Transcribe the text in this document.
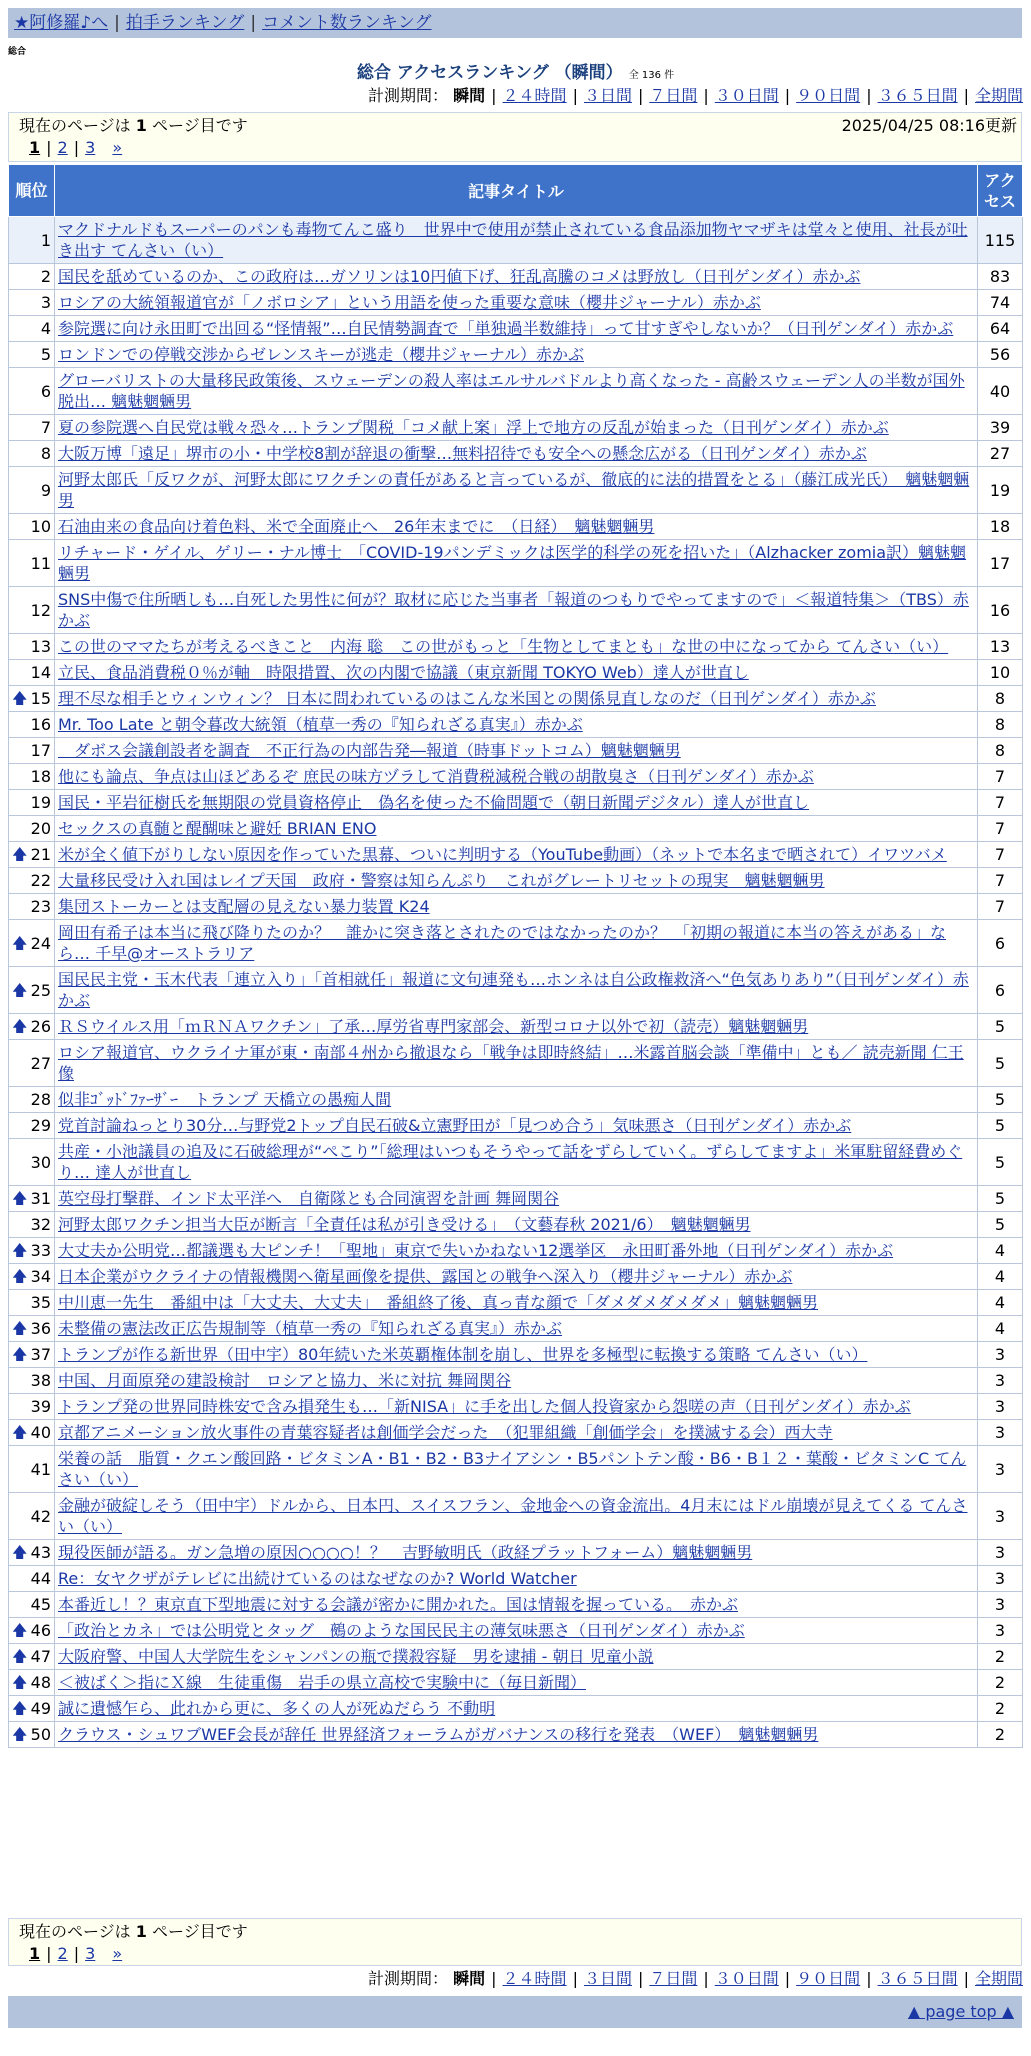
★阿修羅♪へ | 拍手ランキング | コメント数ランキング
総合
総合 アクセスランキング （瞬間） 全 136 件
計測期間： 瞬間 | ２４時間 | ３日間 | ７日間 | ３０日間 | ９０日間 | ３６５日間 | 全期間
現在のページは 1 ページ目です	2025/04/25 08:16更新
1 | 2 | 3 »
順位	記事タイトル	アクセス
1	マクドナルドもスーパーのパンも毒物てんこ盛り　世界中で使用が禁止されている食品添加物ヤマザキは堂々と使用、社長が吐き出す てんさい（い）	115
2	国民を舐めているのか、この政府は…ガソリンは10円値下げ、狂乱高騰のコメは野放し（日刊ゲンダイ）赤かぶ	83
3	ロシアの大統領報道官が「ノボロシア」という用語を使った重要な意味（櫻井ジャーナル）赤かぶ	74
4	参院選に向け永田町で出回る“怪情報”…自民情勢調査で「単独過半数維持」って甘すぎやしないか？（日刊ゲンダイ）赤かぶ	64
5	ロンドンでの停戦交渉からゼレンスキーが逃走（櫻井ジャーナル）赤かぶ	56
6	グローバリストの大量移民政策後、スウェーデンの殺人率はエルサルバドルより高くなった - 高齢スウェーデン人の半数が国外脱出… 魑魅魍魎男	40
7	夏の参院選へ自民党は戦々恐々…トランプ関税「コメ献上案」浮上で地方の反乱が始まった（日刊ゲンダイ）赤かぶ	39
8	大阪万博「遠足」堺市の小・中学校8割が辞退の衝撃…無料招待でも安全への懸念広がる（日刊ゲンダイ）赤かぶ	27
9	河野太郎氏「反ワクが、河野太郎にワクチンの責任があると言っているが、徹底的に法的措置をとる」（藤江成光氏）　魑魅魍魎男	19
10	石油由来の食品向け着色料、米で全面廃止へ　26年末までに　（日経）　魑魅魍魎男	18
11	リチャード・ゲイル、ゲリー・ナル博士　「COVID-19パンデミックは医学的科学の死を招いた」（Alzhacker zomia訳）魑魅魍魎男	17
12	SNS中傷で住所晒しも…自死した男性に何が？取材に応じた当事者「報道のつもりでやってますので」＜報道特集＞（TBS）赤かぶ	16
13	この世のママたちが考えるべきこと　内海 聡　この世がもっと「生物としてまとも」な世の中になってから てんさい（い）	13
14	立民、食品消費税０％が軸　時限措置、次の内閣で協議（東京新聞 TOKYO Web）達人が世直し	10

🡅 15	理不尽な相手とウィンウィン？ 日本に問われているのはこんな米国との関係見直しなのだ（日刊ゲンダイ）赤かぶ	8
16	Mr. Too Late と朝令暮改大統領（植草一秀の『知られざる真実』）赤かぶ	8
17	　ダボス会議創設者を調査　不正行為の内部告発―報道（時事ドットコム）魑魅魍魎男	8
18	他にも論点、争点は山ほどあるぞ 庶民の味方ヅラして消費税減税合戦の胡散臭さ（日刊ゲンダイ）赤かぶ	7
19	国民・平岩征樹氏を無期限の党員資格停止　偽名を使った不倫問題で（朝日新聞デジタル）達人が世直し	7
20	セックスの真髄と醍醐味と避妊 BRIAN ENO	7

🡅 21	米が全く値下がりしない原因を作っていた黒幕、ついに判明する（YouTube動画）（ネットで本名まで晒されて）イワツバメ	7
22	大量移民受け入れ国はレイプ天国　政府・警察は知らんぷり　これがグレートリセットの現実　魑魅魍魎男	7
23	集団ストーカーとは支配層の見えない暴力装置 K24	7

🡅 24	岡田有希子は本当に飛び降りたのか？　誰かに突き落とされたのではなかったのか？　「初期の報道に本当の答えがある」なら… 千早@オーストラリア	6

🡅 25	国民民主党・玉木代表「連立入り」「首相就任」報道に文句連発も…ホンネは自公政権救済へ“色気ありあり”（日刊ゲンダイ）赤かぶ	6

🡅 26	ＲＳウイルス用「ｍＲＮＡワクチン」了承…厚労省専門家部会、新型コロナ以外で初（読売）魑魅魍魎男	5
27	ロシア報道官、ウクライナ軍が東・南部４州から撤退なら「戦争は即時終結」…米露首脳会談「準備中」とも／ 読売新聞 仁王像	5
28	似非ｺﾞｯﾄﾞﾌｧｰｻﾞｰ　トランプ 天橋立の愚痴人間	5
29	党首討論ねっとり30分…与野党2トップ自民石破&立憲野田が「見つめ合う」気味悪さ（日刊ゲンダイ）赤かぶ	5
30	共産・小池議員の追及に石破総理が“ぺこり”「総理はいつもそうやって話をずらしていく。ずらしてますよ」米軍駐留経費めぐり… 達人が世直し	5

🡅 31	英空母打撃群、インド太平洋へ　自衛隊とも合同演習を計画 舞岡関谷	5
32	河野太郎ワクチン担当大臣が断言「全責任は私が引き受ける」　（文藝春秋 2021/6）　魑魅魍魎男	5

🡅 33	大丈夫か公明党…都議選も大ピンチ！「聖地」東京で失いかねない12選挙区　永田町番外地（日刊ゲンダイ）赤かぶ	4

🡅 34	日本企業がウクライナの情報機関へ衛星画像を提供、露国との戦争へ深入り（櫻井ジャーナル）赤かぶ	4
35	中川恵一先生　番組中は「大丈夫、大丈夫」　番組終了後、真っ青な顔で「ダメダメダメダメ」魑魅魍魎男	4

🡅 36	未整備の憲法改正広告規制等（植草一秀の『知られざる真実』）赤かぶ	4

🡅 37	トランプが作る新世界（田中宇）80年続いた米英覇権体制を崩し、世界を多極型に転換する策略 てんさい（い）	3
38	中国、月面原発の建設検討　ロシアと協力、米に対抗 舞岡関谷	3
39	トランプ発の世界同時株安で含み損発生も…「新NISA」に手を出した個人投資家から怨嗟の声（日刊ゲンダイ）赤かぶ	3

🡅 40	京都アニメーション放火事件の青葉容疑者は創価学会だった　（犯罪組織「創価学会」を撲滅する会）西大寺	3
41	栄養の話　脂質・クエン酸回路・ビタミンA・B1・B2・B3ナイアシン・B5パントテン酸・B6・B１２・葉酸・ビタミンC てんさい（い）	3
42	金融が破綻しそう（田中宇）ドルから、日本円、スイスフラン、金地金への資金流出。4月末にはドル崩壊が見えてくる てんさい（い）	3

🡅 43	現役医師が語る。ガン急増の原因○○○○！？　吉野敏明氏（政経プラットフォーム）魑魅魍魎男	3
44	Re：女ヤクザがテレビに出続けているのはなぜなのか? World Watcher	3
45	本番近し！？東京直下型地震に対する会議が密かに開かれた。国は情報を握っている。　赤かぶ	3

🡅 46	「政治とカネ」では公明党とタッグ　鵺のような国民民主の薄気味悪さ（日刊ゲンダイ）赤かぶ	3

🡅 47	大阪府警、中国人大学院生をシャンパンの瓶で撲殺容疑　男を逮捕 - 朝日 児童小説	2

🡅 48	＜被ばく＞指にＸ線　生徒重傷　岩手の県立高校で実験中に（毎日新聞）	2

🡅 49	誠に遺憾乍ら、此れから更に、多くの人が死ぬだらう 不動明	2

🡅 50	クラウス・シュワブWEF会長が辞任 世界経済フォーラムがガバナンスの移行を発表　（WEF）　魑魅魍魎男	2
現在のページは 1 ページ目です
1 | 2 | 3 »
計測期間： 瞬間 | ２４時間 | ３日間 | ７日間 | ３０日間 | ９０日間 | ３６５日間 | 全期間
▲ page top ▲
